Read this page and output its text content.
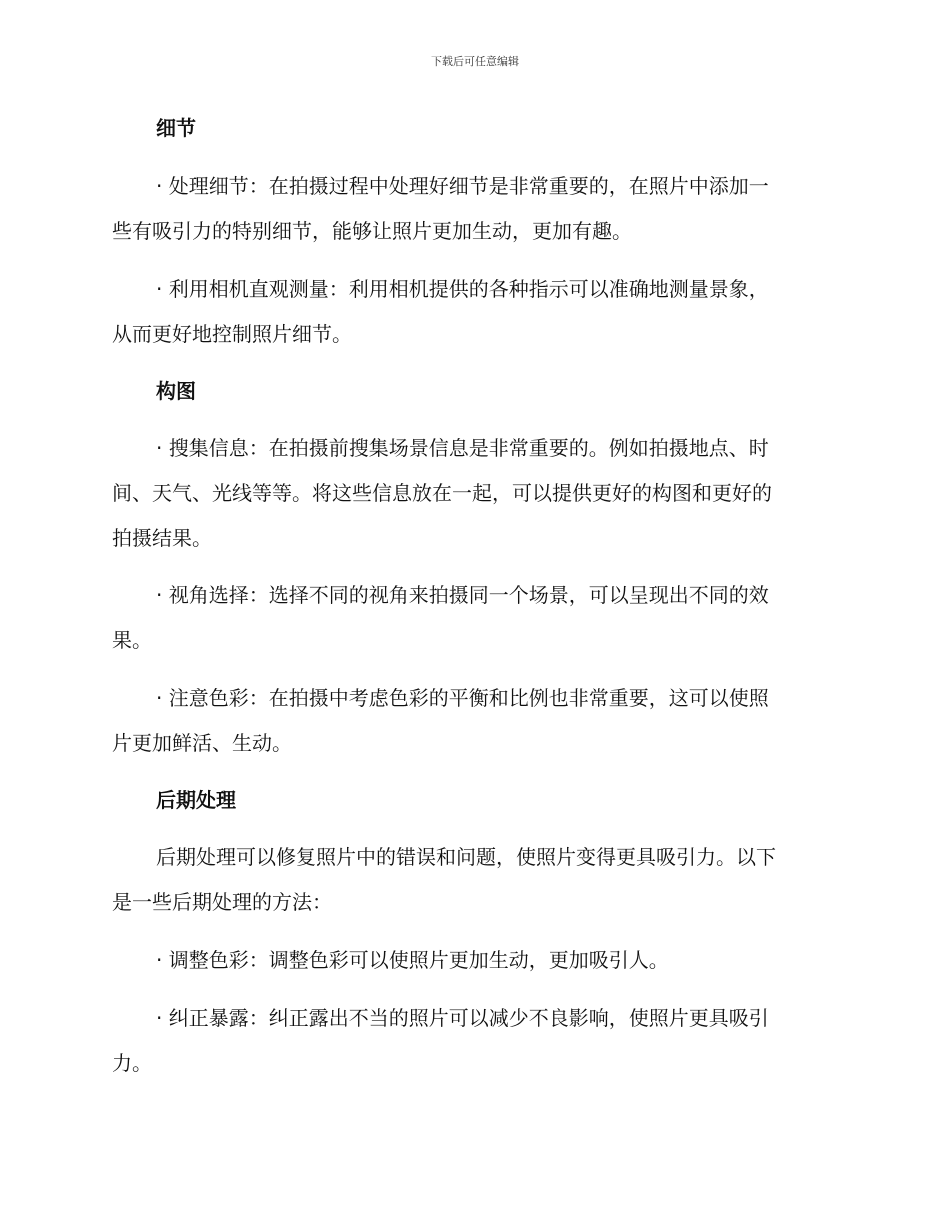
下载后可任意编辑
细节
· 处理细节：在拍摄过程中处理好细节是非常重要的，在照片中添加一
些有吸引力的特别细节，能够让照片更加生动，更加有趣。
· 利用相机直观测量：利用相机提供的各种指示可以准确地测量景象，
从而更好地控制照片细节。
构图
· 搜集信息：在拍摄前搜集场景信息是非常重要的。例如拍摄地点、时
间、天气、光线等等。将这些信息放在一起，可以提供更好的构图和更好的
拍摄结果。
· 视角选择：选择不同的视角来拍摄同一个场景，可以呈现出不同的效
果。
· 注意色彩：在拍摄中考虑色彩的平衡和比例也非常重要，这可以使照
片更加鲜活、生动。
后期处理
后期处理可以修复照片中的错误和问题，使照片变得更具吸引力。以下
是一些后期处理的方法：
· 调整色彩：调整色彩可以使照片更加生动，更加吸引人。
· 纠正暴露：纠正露出不当的照片可以减少不良影响，使照片更具吸引
力。
